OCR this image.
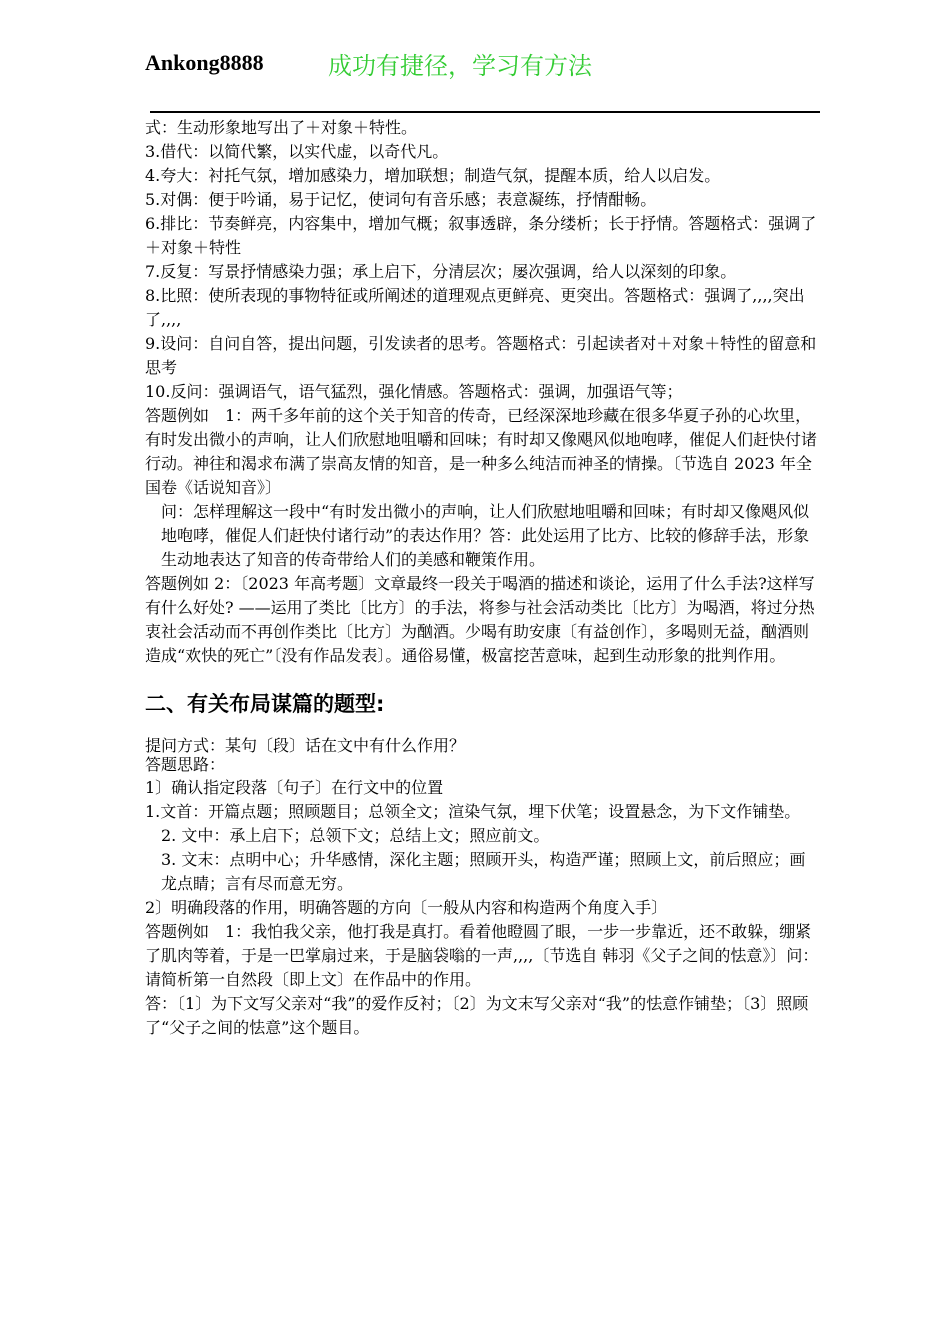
Ankong8888	成功有捷径，学习有方法

式：生动形象地写出了＋对象＋特性。

3.借代：以简代繁，以实代虚，以奇代凡。

4.夸大：衬托气氛，增加感染力，增加联想；制造气氛，提醒本质，给人以启发。

5.对偶：便于吟诵，易于记忆，使词句有音乐感；表意凝练，抒情酣畅。

6.排比：节奏鲜亮，内容集中，增加气概；叙事透辟，条分缕析；长于抒情。答题格式：强调了＋对象＋特性

7.反复：写景抒情感染力强；承上启下，分清层次；屡次强调，给人以深刻的印象。

8.比照：使所表现的事物特征或所阐述的道理观点更鲜亮、更突出。答题格式：强调了,,,,突出了,,,,

9.设问：自问自答，提出问题，引发读者的思考。答题格式：引起读者对＋对象＋特性的留意和思考

10.反问：强调语气，语气猛烈，强化情感。答题格式：强调，加强语气等；

答题例如　1：两千多年前的这个关于知音的传奇，已经深深地珍藏在很多华夏子孙的心坎里，有时发出微小的声响，让人们欣慰地咀嚼和回味；有时却又像飓风似地咆哮，催促人们赶快付诸行动。神往和渴求布满了崇高友情的知音，是一种多么纯洁而神圣的情操。〔节选自 2023 年全国卷《话说知音》〕

问：怎样理解这一段中“有时发出微小的声响，让人们欣慰地咀嚼和回味；有时却又像飓风似地咆哮，催促人们赶快付诸行动”的表达作用？答：此处运用了比方、比较的修辞手法，形象生动地表达了知音的传奇带给人们的美感和鞭策作用。

答题例如 2：〔2023 年高考题〕文章最终一段关于喝酒的描述和谈论，运用了什么手法?这样写有什么好处? ——运用了类比〔比方〕的手法，将参与社会活动类比〔比方〕为喝酒，将过分热衷社会活动而不再创作类比〔比方〕为酗酒。少喝有助安康〔有益创作〕，多喝则无益，酗酒则造成“欢快的死亡”〔没有作品发表〕。通俗易懂，极富挖苦意味，起到生动形象的批判作用。

二、有关布局谋篇的题型:

提问方式：某句〔段〕话在文中有什么作用？

答题思路：

1〕确认指定段落〔句子〕在行文中的位置

1.文首：开篇点题；照顾题目；总领全文；渲染气氛，埋下伏笔；设置悬念，为下文作铺垫。

2. 文中：承上启下；总领下文；总结上文；照应前文。

3. 文末：点明中心；升华感情，深化主题；照顾开头，构造严谨；照顾上文，前后照应；画龙点睛；言有尽而意无穷。

2〕明确段落的作用，明确答题的方向〔一般从内容和构造两个角度入手〕

答题例如　1：我怕我父亲，他打我是真打。看着他瞪圆了眼，一步一步靠近，还不敢躲，绷紧了肌肉等着，于是一巴掌扇过来，于是脑袋嗡的一声,,,,〔节选自 韩羽《父子之间的怯意》〕问：请简析第一自然段〔即上文〕在作品中的作用。

答：〔1〕为下文写父亲对“我”的爱作反衬；〔2〕为文末写父亲对“我”的怯意作铺垫；〔3〕照顾了“父子之间的怯意”这个题目。
